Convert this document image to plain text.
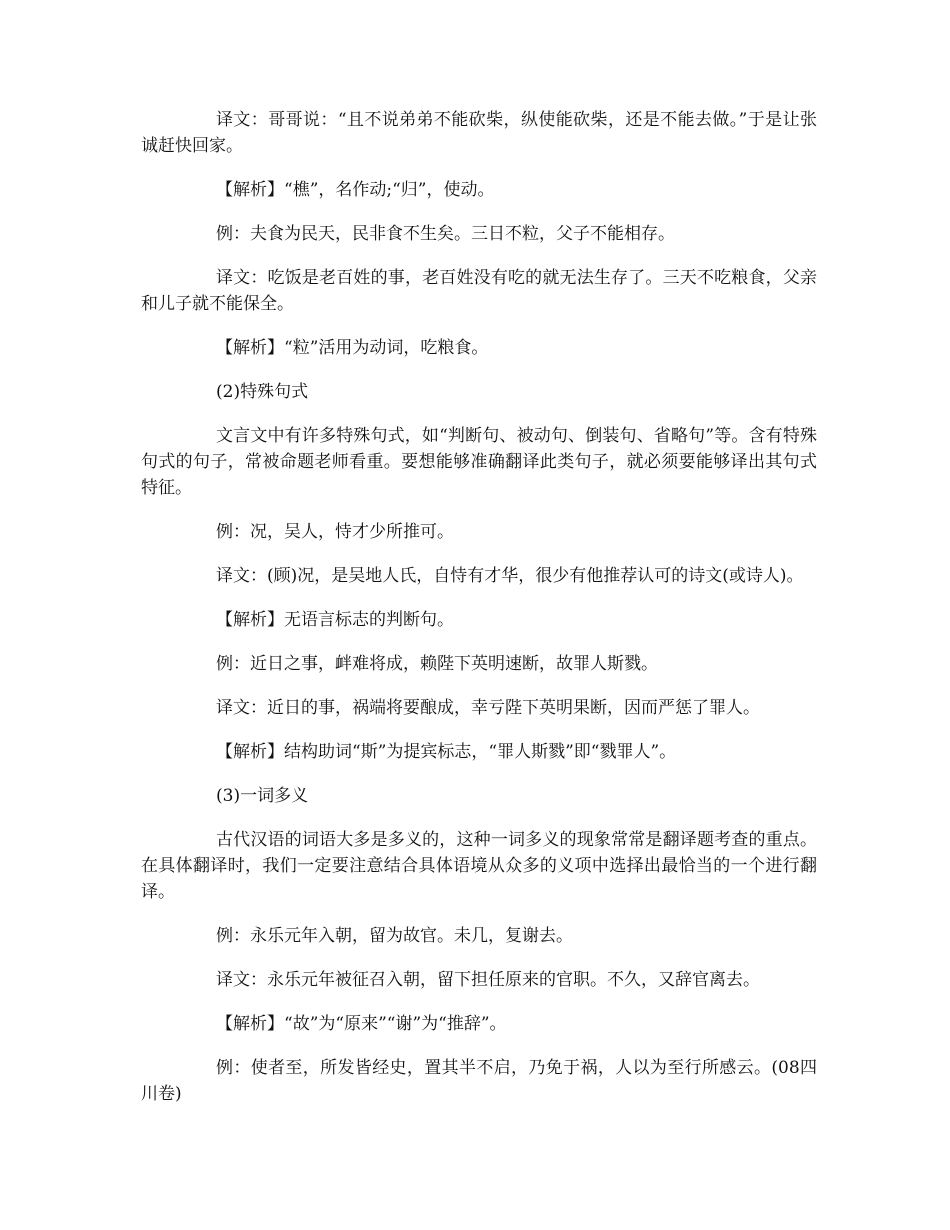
译文：哥哥说：“且不说弟弟不能砍柴，纵使能砍柴，还是不能去做。”于是让张诚赶快回家。

【解析】“樵”，名作动;“归”，使动。

例：夫食为民天，民非食不生矣。三日不粒，父子不能相存。

译文：吃饭是老百姓的事，老百姓没有吃的就无法生存了。三天不吃粮食，父亲和儿子就不能保全。

【解析】“粒”活用为动词，吃粮食。

(2)特殊句式

文言文中有许多特殊句式，如“判断句、被动句、倒装句、省略句”等。含有特殊句式的句子，常被命题老师看重。要想能够准确翻译此类句子，就必须要能够译出其句式特征。

例：况，吴人，恃才少所推可。

译文：(顾)况，是吴地人氏，自恃有才华，很少有他推荐认可的诗文(或诗人)。

【解析】无语言标志的判断句。

例：近日之事，衅难将成，赖陛下英明速断，故罪人斯戮。

译文：近日的事，祸端将要酿成，幸亏陛下英明果断，因而严惩了罪人。

【解析】结构助词“斯”为提宾标志，“罪人斯戮”即“戮罪人”。

(3)一词多义

古代汉语的词语大多是多义的，这种一词多义的现象常常是翻译题考查的重点。在具体翻译时，我们一定要注意结合具体语境从众多的义项中选择出最恰当的一个进行翻译。

例：永乐元年入朝，留为故官。未几，复谢去。

译文：永乐元年被征召入朝，留下担任原来的官职。不久，又辞官离去。

【解析】“故”为“原来”“谢”为“推辞”。

例：使者至，所发皆经史，置其半不启，乃免于祸，人以为至行所感云。(08四川卷)
